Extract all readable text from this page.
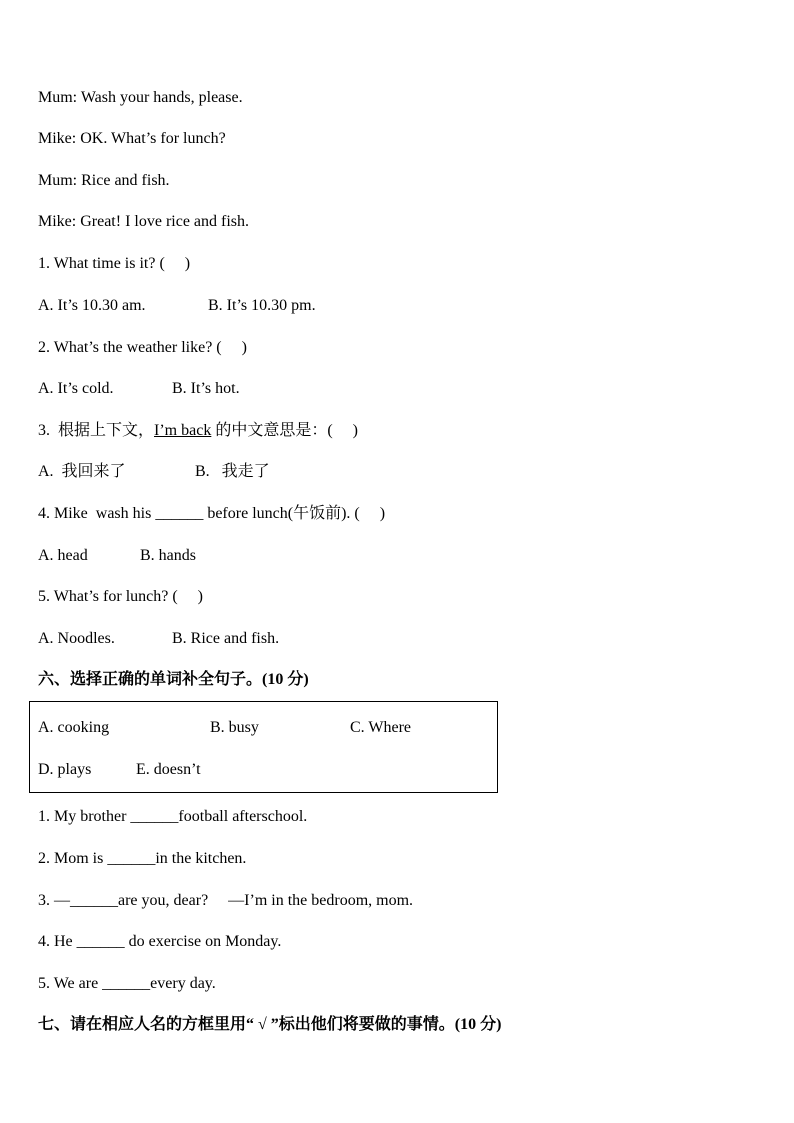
Mum: Wash your hands, please.
Mike: OK. What’s for lunch?
Mum: Rice and fish.
Mike: Great! I love rice and fish.
1. What time is it? (     )
A. It’s 10.30 am.	B. It’s 10.30 pm.
2. What’s the weather like? (     )
A. It’s cold.	B. It’s hot.
3.  根据上下文，I’m back 的中文意思是：(     )
A.  我回来了	B.   我走了
4. Mike  wash his ______ before lunch(午饭前). (     )
A. head	B. hands
5. What’s for lunch? (     )
A. Noodles.	B. Rice and fish.
六、选择正确的单词补全句子。(10 分)
A. cooking	B. busy	C. Where
D. plays	E. doesn’t
1. My brother ______football afterschool.
2. Mom is ______in the kitchen.
3. —______are you, dear?     —I’m in the bedroom, mom.
4. He ______ do exercise on Monday.
5. We are ______every day.
七、请在相应人名的方框里用“ √ ”标出他们将要做的事情。(10 分)
